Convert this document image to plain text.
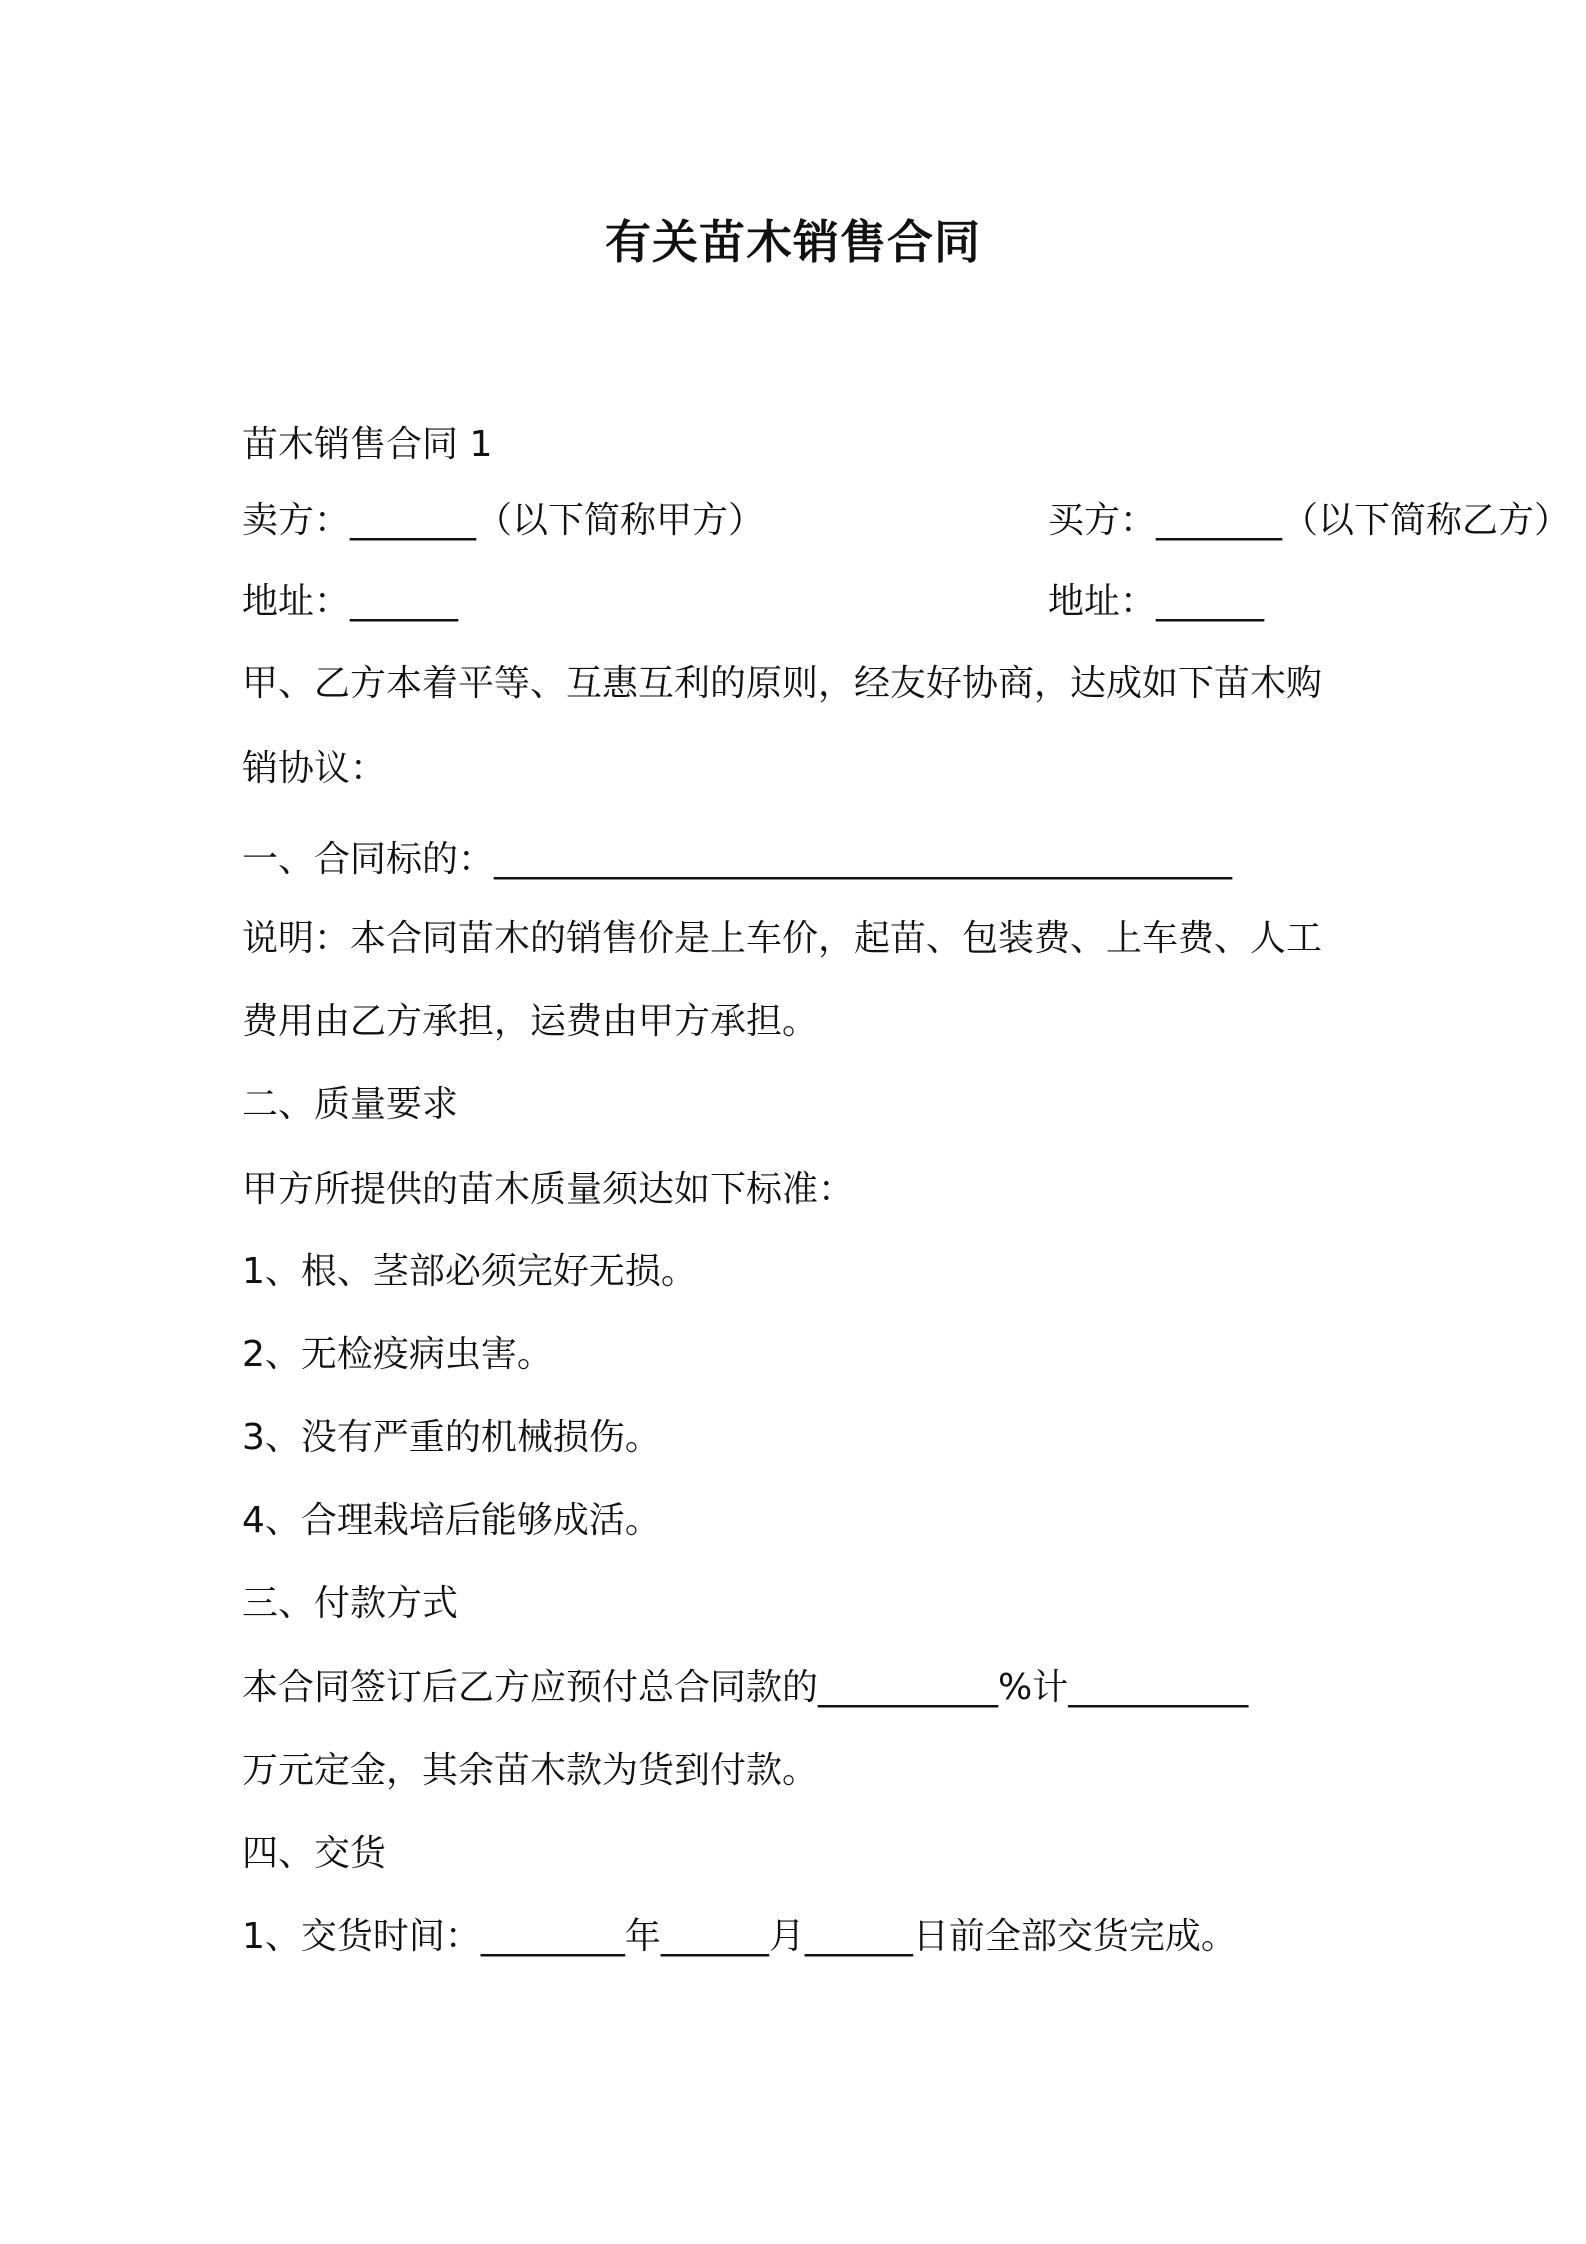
有关苗木销售合同
苗木销售合同 1
卖方：_______（以下简称甲方）	买方：_______（以下简称乙方）
地址：______	地址：______
甲、乙方本着平等、互惠互利的原则，经友好协商，达成如下苗木购
销协议：
一、合同标的：_________________________________________
说明：本合同苗木的销售价是上车价，起苗、包装费、上车费、人工
费用由乙方承担，运费由甲方承担。
二、质量要求
甲方所提供的苗木质量须达如下标准：
1、根、茎部必须完好无损。
2、无检疫病虫害。
3、没有严重的机械损伤。
4、合理栽培后能够成活。
三、付款方式
本合同签订后乙方应预付总合同款的__________%计__________
万元定金，其余苗木款为货到付款。
四、交货
1、交货时间：________年______月______日前全部交货完成。
